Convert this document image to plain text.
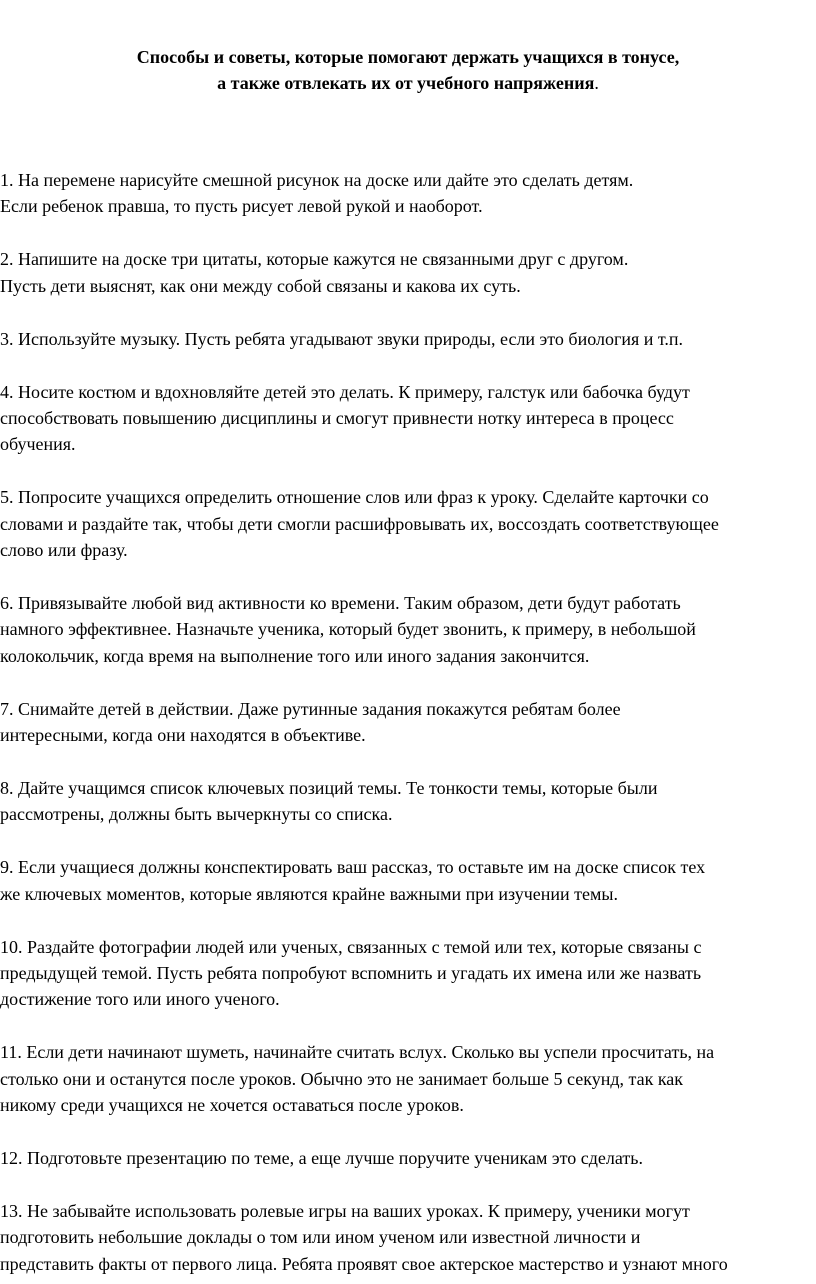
Способы и советы, которые помогают держать учащихся в тонусе,
а также отвлекать их от учебного напряжения.
1. На перемене нарисуйте смешной рисунок на доске или дайте это сделать детям.
Если ребенок правша, то пусть рисует левой рукой и наоборот.
2. Напишите на доске три цитаты, которые кажутся не связанными друг с другом.
Пусть дети выяснят, как они между собой связаны и какова их суть.
3. Используйте музыку. Пусть ребята угадывают звуки природы, если это биология и т.п.
4. Носите костюм и вдохновляйте детей это делать. К примеру, галстук или бабочка будут
способствовать повышению дисциплины и смогут привнести нотку интереса в процесс
обучения.
5. Попросите учащихся определить отношение слов или фраз к уроку. Сделайте карточки со
словами и раздайте так, чтобы дети смогли расшифровывать их, воссоздать соответствующее
слово или фразу.
6. Привязывайте любой вид активности ко времени. Таким образом, дети будут работать
намного эффективнее. Назначьте ученика, который будет звонить, к примеру, в небольшой
колокольчик, когда время на выполнение того или иного задания закончится.
7. Снимайте детей в действии. Даже рутинные задания покажутся ребятам более
интересными, когда они находятся в объективе.
8. Дайте учащимся список ключевых позиций темы. Те тонкости темы, которые были
рассмотрены, должны быть вычеркнуты со списка.
9. Если учащиеся должны конспектировать ваш рассказ, то оставьте им на доске список тех
же ключевых моментов, которые являются крайне важными при изучении темы.
10. Раздайте фотографии людей или ученых, связанных с темой или тех, которые связаны с
предыдущей темой. Пусть ребята попробуют вспомнить и угадать их имена или же назвать
достижение того или иного ученого.
11. Если дети начинают шуметь, начинайте считать вслух. Сколько вы успели просчитать, на
столько они и останутся после уроков. Обычно это не занимает больше 5 секунд, так как
никому среди учащихся не хочется оставаться после уроков.
12. Подготовьте презентацию по теме, а еще лучше поручите ученикам это сделать.
13. Не забывайте использовать ролевые игры на ваших уроках. К примеру, ученики могут
подготовить небольшие доклады о том или ином ученом или известной личности и
представить факты от первого лица. Ребята проявят свое актерское мастерство и узнают много
